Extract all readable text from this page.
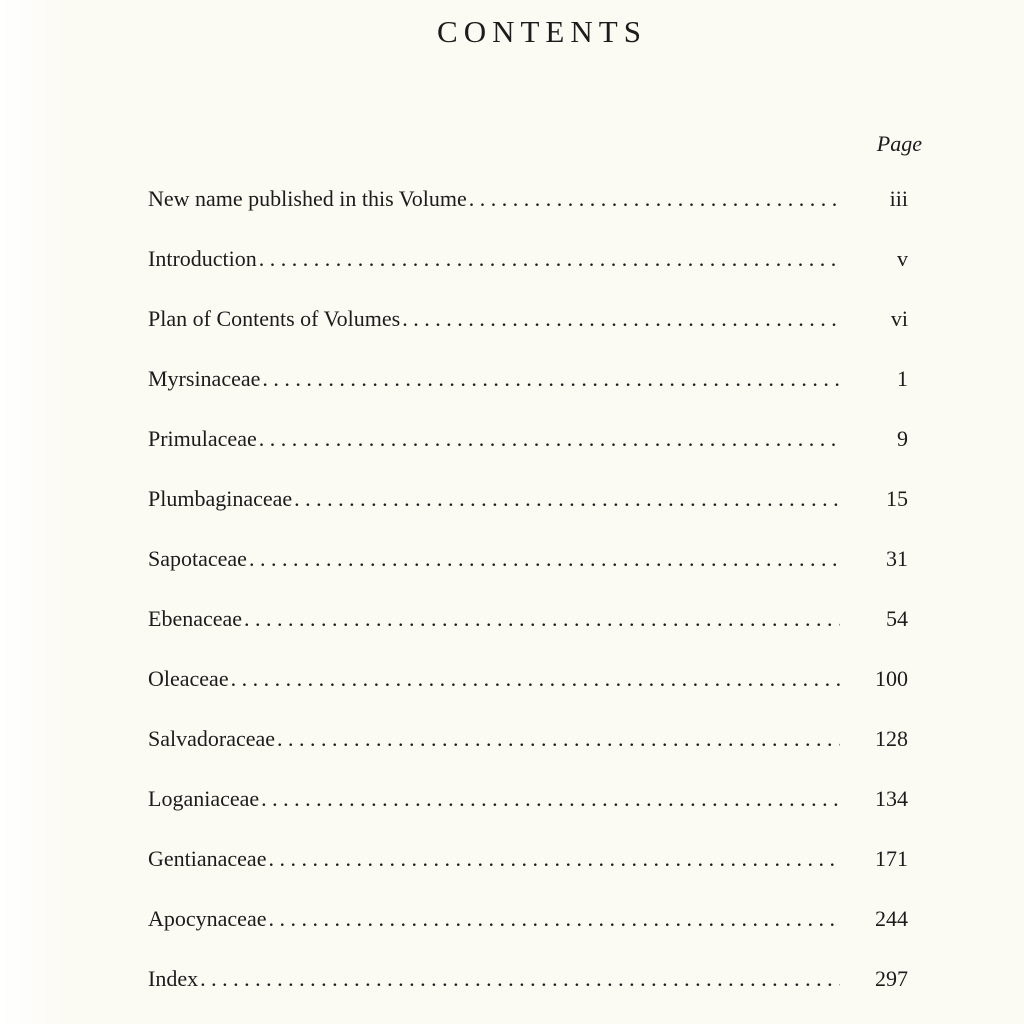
CONTENTS
Page
New name published in this Volume . . .	iii
Introduction . . .	v
Plan of Contents of Volumes . . .	vi
Myrsinaceae . . .	1
Primulaceae . . .	9
Plumbaginaceae . . .	15
Sapotaceae . . .	31
Ebenaceae . . .	54
Oleaceae . . .	100
Salvadoraceae . . .	128
Loganiaceae . . .	134
Gentianaceae . . .	171
Apocynaceae . . .	244
Index . . .	297
